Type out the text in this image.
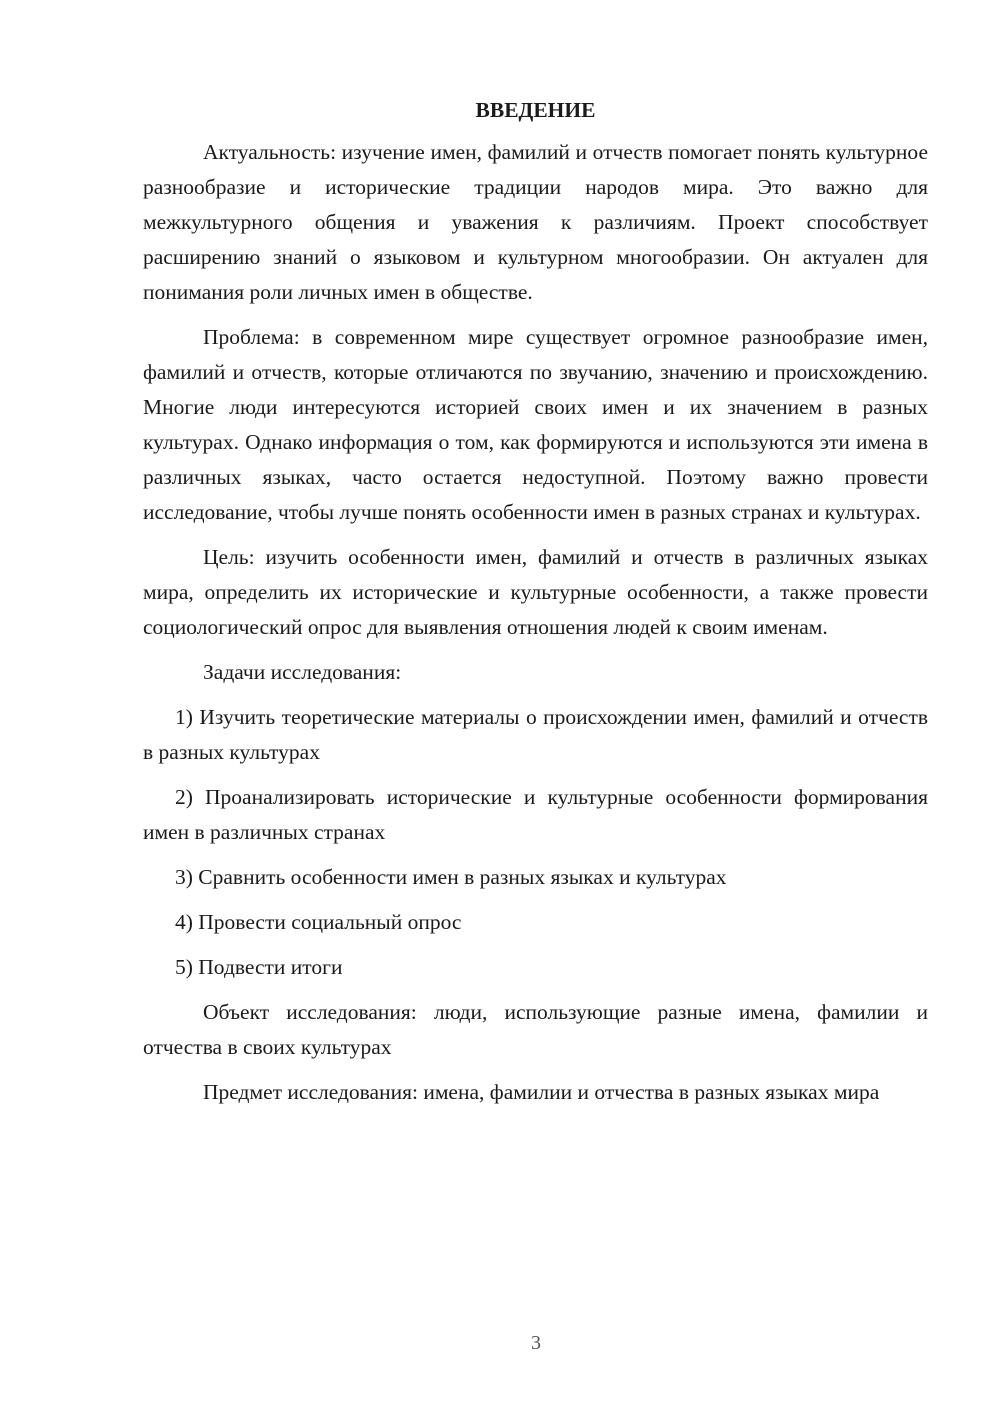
ВВЕДЕНИЕ

Актуальность: изучение имен, фамилий и отчеств помогает понять культурное разнообразие и исторические традиции народов мира. Это важно для межкультурного общения и уважения к различиям. Проект способствует расширению знаний о языковом и культурном многообразии. Он актуален для понимания роли личных имен в обществе.

Проблема: в современном мире существует огромное разнообразие имен, фамилий и отчеств, которые отличаются по звучанию, значению и происхождению. Многие люди интересуются историей своих имен и их значением в разных культурах. Однако информация о том, как формируются и используются эти имена в различных языках, часто остается недоступной. Поэтому важно провести исследование, чтобы лучше понять особенности имен в разных странах и культурах.

Цель: изучить особенности имен, фамилий и отчеств в различных языках мира, определить их исторические и культурные особенности, а также провести социологический опрос для выявления отношения людей к своим именам.

Задачи исследования:

1) Изучить теоретические материалы о происхождении имен, фамилий и отчеств в разных культурах

2) Проанализировать исторические и культурные особенности формирования имен в различных странах

3) Сравнить особенности имен в разных языках и культурах

4) Провести социальный опрос

5) Подвести итоги

Объект исследования: люди, использующие разные имена, фамилии и отчества в своих культурах

Предмет исследования: имена, фамилии и отчества в разных языках мира

3
